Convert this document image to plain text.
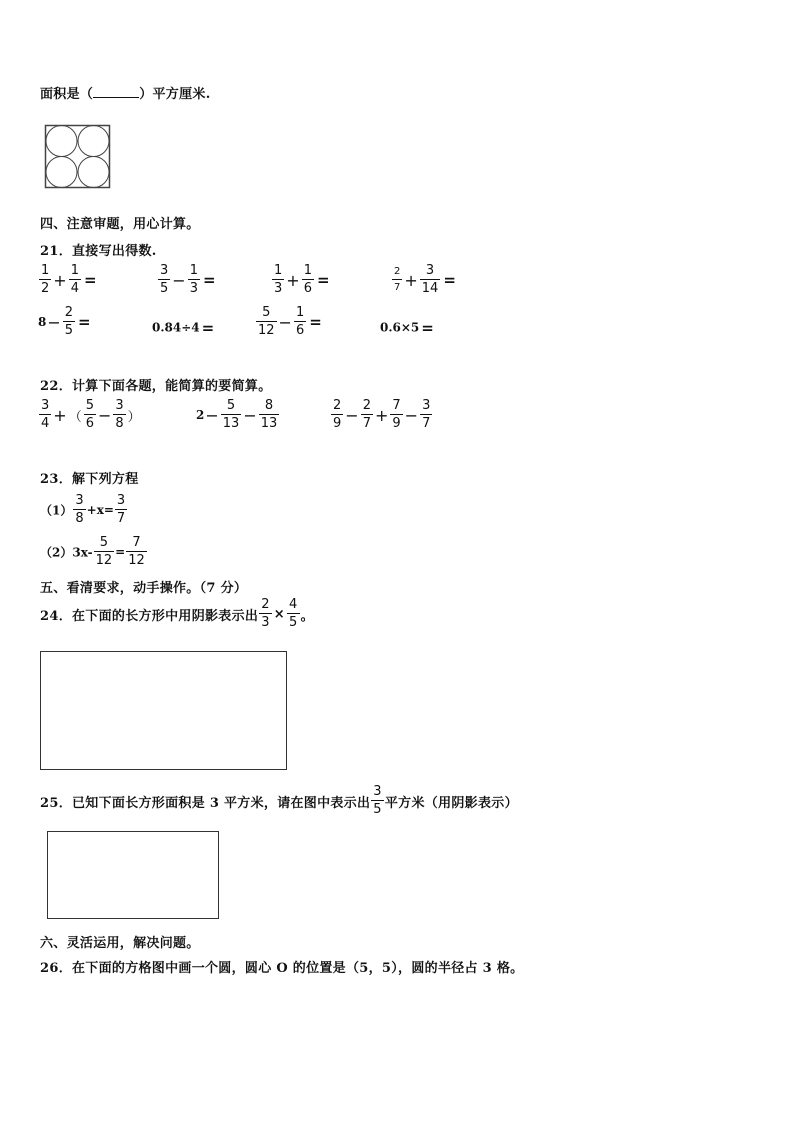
面积是（	）平方厘米.
四、注意审题，用心计算。
21．直接写出得数.
$\frac{1}{2} + \frac{1}{4}$ =	$\frac{3}{5} - \frac{1}{3}$ =	$\frac{1}{3} + \frac{1}{6}$ =	$\frac{2}{7} + \frac{3}{14}$ =
$8- \frac{2}{5}$ =	0.84÷4 =	$\frac{5}{12} - \frac{1}{6}$ =	0.6×5 =
22．计算下面各题，能简算的要简算。
$\frac{3}{4}$ + （ $\frac{5}{6} - \frac{3}{8}$ ）	$2- \frac{5}{13} - \frac{8}{13}$	$\frac{2}{9} - \frac{2}{7} + \frac{7}{9} - \frac{3}{7}$
23．解下列方程
$(1) \frac{3}{8} +x= \frac{3}{7}$
$(2)3x- \frac{5}{12} = \frac{7}{12}$
五、看清要求，动手操作。（7 分）
24．在下面的长方形中用阴影表示出 $\frac{2}{3} \times \frac{4}{5}$ 。
25．已知下面长方形面积是 3 平方米，请在图中表示出 $\frac{3}{5}$ 平方米（用阴影表示）
六、灵活运用，解决问题。
26．在下面的方格图中画一个圆，圆心 O 的位置是（5，5），圆的半径占 3 格。
